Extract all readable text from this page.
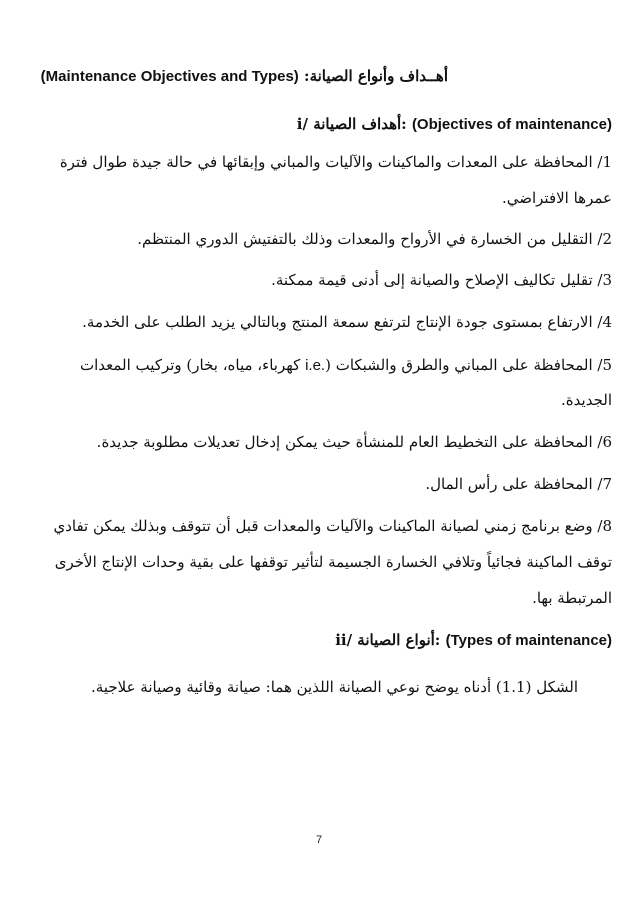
أهــداف وأنواع الصيانة: (Maintenance Objectives and Types)
i/ أهداف الصيانة: (Objectives of maintenance)
1/ المحافظة على المعدات والماكينات والآليات والمباني وإبقائها في حالة جيدة طوال فترة
عمرها الافتراضي.
2/ التقليل من الخسارة في الأرواح والمعدات وذلك بالتفتيش الدوري المنتظم.
3/ تقليل تكاليف الإصلاح والصيانة إلى أدنى قيمة ممكنة.
4/ الارتفاع بمستوى جودة الإنتاج لترتفع سمعة المنتج وبالتالي يزيد الطلب على الخدمة.
5/ المحافظة على المباني والطرق والشبكات (i.e. كهرباء، مياه، بخار) وتركيب المعدات
الجديدة.
6/ المحافظة على التخطيط العام للمنشأة حيث يمكن إدخال تعديلات مطلوبة جديدة.
7/ المحافظة على رأس المال.
8/ وضع برنامج زمني لصيانة الماكينات والآليات والمعدات قبل أن تتوقف وبذلك يمكن تفادي
توقف الماكينة فجائياً وتلافي الخسارة الجسيمة لتأثير توقفها على بقية وحدات الإنتاج الأخرى
المرتبطة بها.
ii/ أنواع الصيانة: (Types of maintenance)
الشكل (1.1) أدناه يوضح نوعي الصيانة اللذين هما: صيانة وقائية وصيانة علاجية.
7
